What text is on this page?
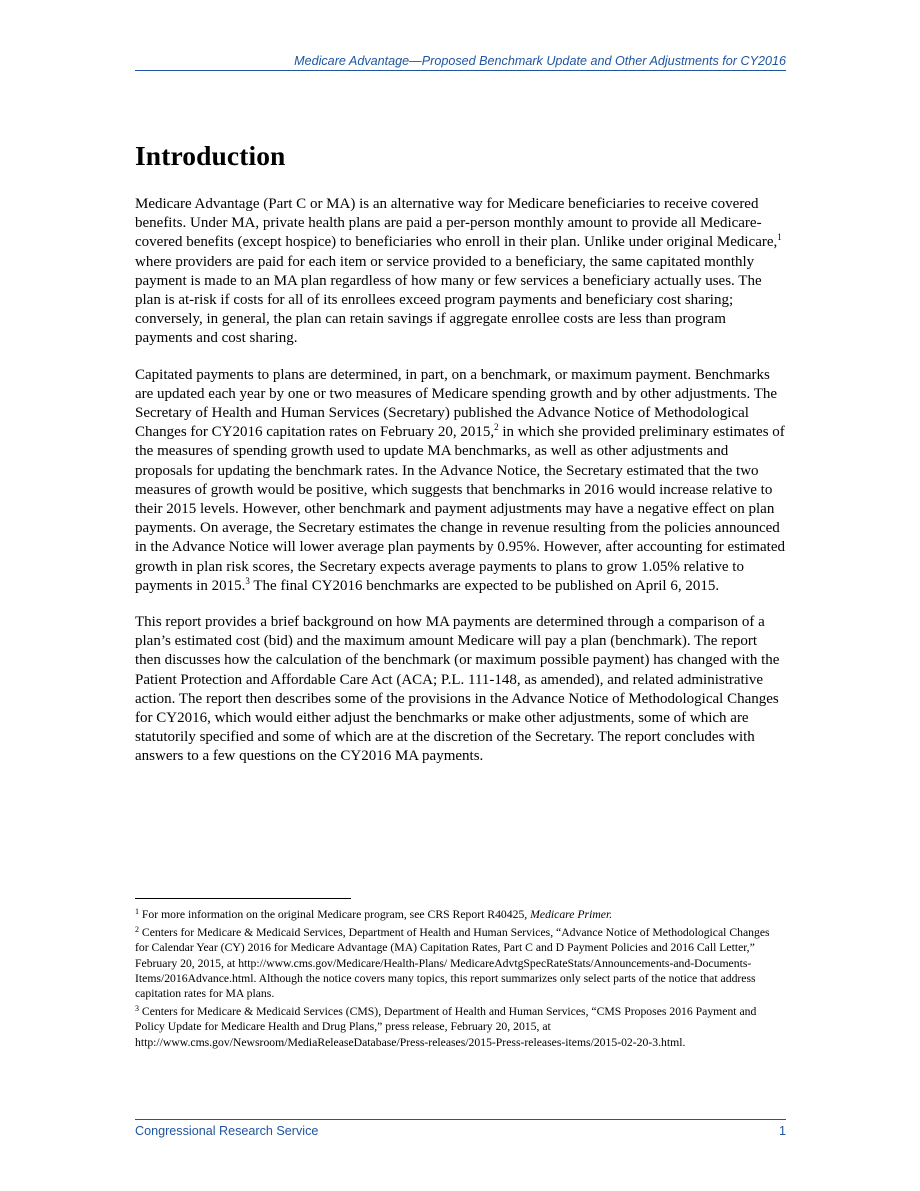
Medicare Advantage—Proposed Benchmark Update and Other Adjustments for CY2016
Introduction

Medicare Advantage (Part C or MA) is an alternative way for Medicare beneficiaries to receive covered benefits. Under MA, private health plans are paid a per-person monthly amount to provide all Medicare-covered benefits (except hospice) to beneficiaries who enroll in their plan. Unlike under original Medicare,$^1$ where providers are paid for each item or service provided to a beneficiary, the same capitated monthly payment is made to an MA plan regardless of how many or few services a beneficiary actually uses. The plan is at-risk if costs for all of its enrollees exceed program payments and beneficiary cost sharing; conversely, in general, the plan can retain savings if aggregate enrollee costs are less than program payments and cost sharing.

Capitated payments to plans are determined, in part, on a benchmark, or maximum payment. Benchmarks are updated each year by one or two measures of Medicare spending growth and by other adjustments. The Secretary of Health and Human Services (Secretary) published the Advance Notice of Methodological Changes for CY2016 capitation rates on February 20, 2015,$^2$ in which she provided preliminary estimates of the measures of spending growth used to update MA benchmarks, as well as other adjustments and proposals for updating the benchmark rates. In the Advance Notice, the Secretary estimated that the two measures of growth would be positive, which suggests that benchmarks in 2016 would increase relative to their 2015 levels. However, other benchmark and payment adjustments may have a negative effect on plan payments. On average, the Secretary estimates the change in revenue resulting from the policies announced in the Advance Notice will lower average plan payments by 0.95%. However, after accounting for estimated growth in plan risk scores, the Secretary expects average payments to plans to grow 1.05% relative to payments in 2015.$^3$ The final CY2016 benchmarks are expected to be published on April 6, 2015.

This report provides a brief background on how MA payments are determined through a comparison of a plan’s estimated cost (bid) and the maximum amount Medicare will pay a plan (benchmark). The report then discusses how the calculation of the benchmark (or maximum possible payment) has changed with the Patient Protection and Affordable Care Act (ACA; P.L. 111-148, as amended), and related administrative action. The report then describes some of the provisions in the Advance Notice of Methodological Changes for CY2016, which would either adjust the benchmarks or make other adjustments, some of which are statutorily specified and some of which are at the discretion of the Secretary. The report concludes with answers to a few questions on the CY2016 MA payments.

$^1$ For more information on the original Medicare program, see CRS Report R40425, Medicare Primer.

$^2$ Centers for Medicare & Medicaid Services, Department of Health and Human Services, “Advance Notice of Methodological Changes for Calendar Year (CY) 2016 for Medicare Advantage (MA) Capitation Rates, Part C and D Payment Policies and 2016 Call Letter,” February 20, 2015, at http://www.cms.gov/Medicare/Health-Plans/ MedicareAdvtgSpecRateStats/Announcements-and-Documents-Items/2016Advance.html. Although the notice covers many topics, this report summarizes only select parts of the notice that address capitation rates for MA plans.

$^3$ Centers for Medicare & Medicaid Services (CMS), Department of Health and Human Services, “CMS Proposes 2016 Payment and Policy Update for Medicare Health and Drug Plans,” press release, February 20, 2015, at http://www.cms.gov/Newsroom/MediaReleaseDatabase/Press-releases/2015-Press-releases-items/2015-02-20-3.html.

Congressional Research Service	1
